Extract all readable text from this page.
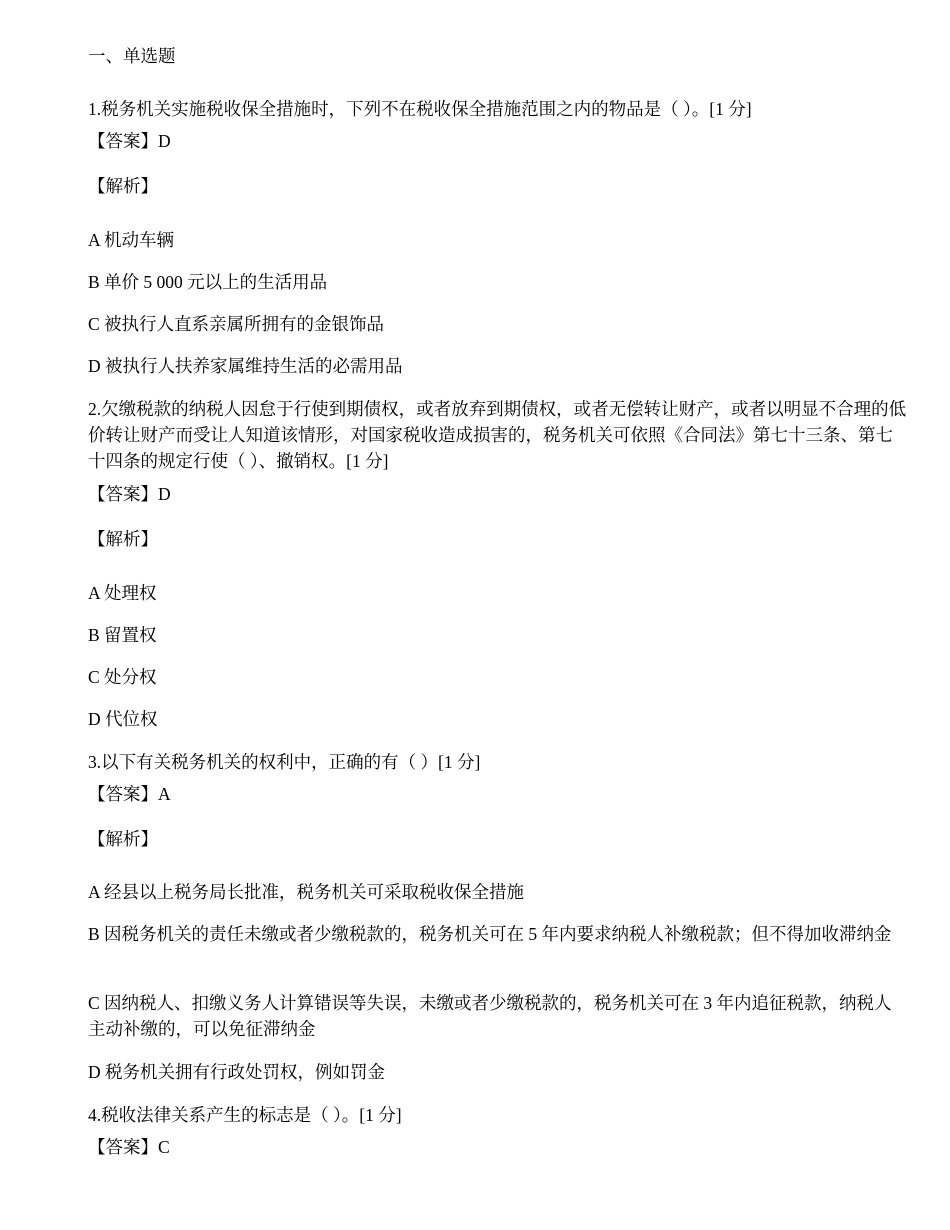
一、单选题
1.税务机关实施税收保全措施时，下列不在税收保全措施范围之内的物品是（ ）。[1 分]
【答案】D
【解析】
A 机动车辆
B 单价 5 000 元以上的生活用品
C 被执行人直系亲属所拥有的金银饰品
D 被执行人扶养家属维持生活的必需用品
2.欠缴税款的纳税人因怠于行使到期债权，或者放弃到期债权，或者无偿转让财产，或者以明显不合理的低价转让财产而受让人知道该情形，对国家税收造成损害的，税务机关可依照《合同法》第七十三条、第七十四条的规定行使（ ）、撤销权。[1 分]
【答案】D
【解析】
A 处理权
B 留置权
C 处分权
D 代位权
3.以下有关税务机关的权利中，正确的有（ ）[1 分]
【答案】A
【解析】
A 经县以上税务局长批准，税务机关可采取税收保全措施
B 因税务机关的责任未缴或者少缴税款的，税务机关可在 5 年内要求纳税人补缴税款；但不得加收滞纳金
C 因纳税人、扣缴义务人计算错误等失误，未缴或者少缴税款的，税务机关可在 3 年内追征税款，纳税人主动补缴的，可以免征滞纳金
D 税务机关拥有行政处罚权，例如罚金
4.税收法律关系产生的标志是（ ）。[1 分]
【答案】C
